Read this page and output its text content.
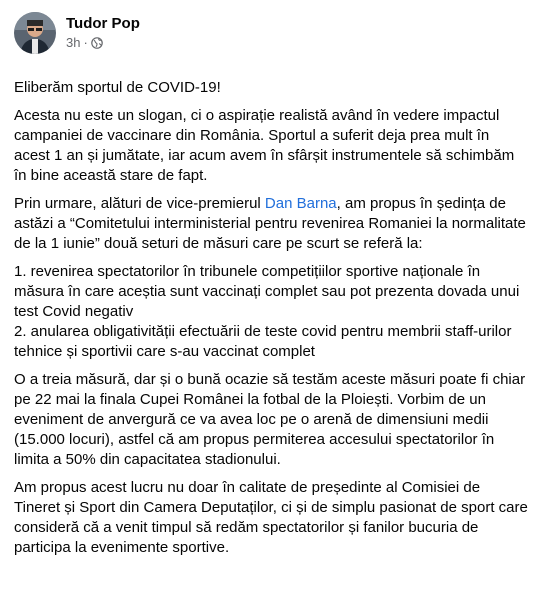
Tudor Pop
3h ·

Eliberăm sportul de COVID-19!

Acesta nu este un slogan, ci o aspirație realistă având în vedere impactul campaniei de vaccinare din România. Sportul a suferit deja prea mult în acest 1 an și jumătate, iar acum avem în sfârșit instrumentele să schimbăm în bine această stare de fapt.

Prin urmare, alături de vice-premierul Dan Barna, am propus în ședința de astăzi a “Comitetului interministerial pentru revenirea Romaniei la normalitate de la 1 iunie” două seturi de măsuri care pe scurt se referă la:

1. revenirea spectatorilor în tribunele competițiilor sportive naționale în măsura în care aceștia sunt vaccinați complet sau pot prezenta dovada unui test Covid negativ
2. anularea obligativității efectuării de teste covid pentru membrii staff-urilor tehnice și sportivii care s-au vaccinat complet

O a treia măsură, dar și o bună ocazie să testăm aceste măsuri poate fi chiar pe 22 mai la finala Cupei Românei la fotbal de la Ploiești. Vorbim de un eveniment de anvergură ce va avea loc pe o arenă de dimensiuni medii (15.000 locuri), astfel că am propus permiterea accesului spectatorilor în limita a 50% din capacitatea stadionului.

Am propus acest lucru nu doar în calitate de președinte al Comisiei de Tineret și Sport din Camera Deputaților, ci și de simplu pasionat de sport care consideră că a venit timpul să redăm spectatorilor și fanilor bucuria de participa la evenimente sportive.
